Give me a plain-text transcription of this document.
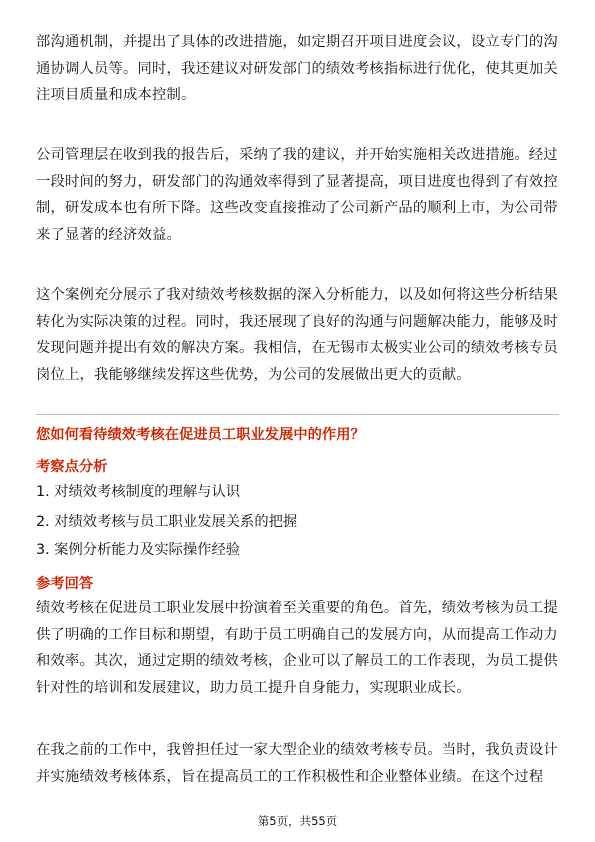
部沟通机制，并提出了具体的改进措施，如定期召开项目进度会议，设立专门的沟
通协调人员等。同时，我还建议对研发部门的绩效考核指标进行优化，使其更加关
注项目质量和成本控制。

公司管理层在收到我的报告后，采纳了我的建议，并开始实施相关改进措施。经过
一段时间的努力，研发部门的沟通效率得到了显著提高，项目进度也得到了有效控
制，研发成本也有所下降。这些改变直接推动了公司新产品的顺利上市，为公司带
来了显著的经济效益。

这个案例充分展示了我对绩效考核数据的深入分析能力，以及如何将这些分析结果
转化为实际决策的过程。同时，我还展现了良好的沟通与问题解决能力，能够及时
发现问题并提出有效的解决方案。我相信，在无锡市太极实业公司的绩效考核专员
岗位上，我能够继续发挥这些优势，为公司的发展做出更大的贡献。

您如何看待绩效考核在促进员工职业发展中的作用？
考察点分析
1. 对绩效考核制度的理解与认识
2. 对绩效考核与员工职业发展关系的把握
3. 案例分析能力及实际操作经验
参考回答

绩效考核在促进员工职业发展中扮演着至关重要的角色。首先，绩效考核为员工提
供了明确的工作目标和期望，有助于员工明确自己的发展方向，从而提高工作动力
和效率。其次，通过定期的绩效考核，企业可以了解员工的工作表现，为员工提供
针对性的培训和发展建议，助力员工提升自身能力，实现职业成长。

在我之前的工作中，我曾担任过一家大型企业的绩效考核专员。当时，我负责设计
并实施绩效考核体系，旨在提高员工的工作积极性和企业整体业绩。在这个过程

第5页，共55页
